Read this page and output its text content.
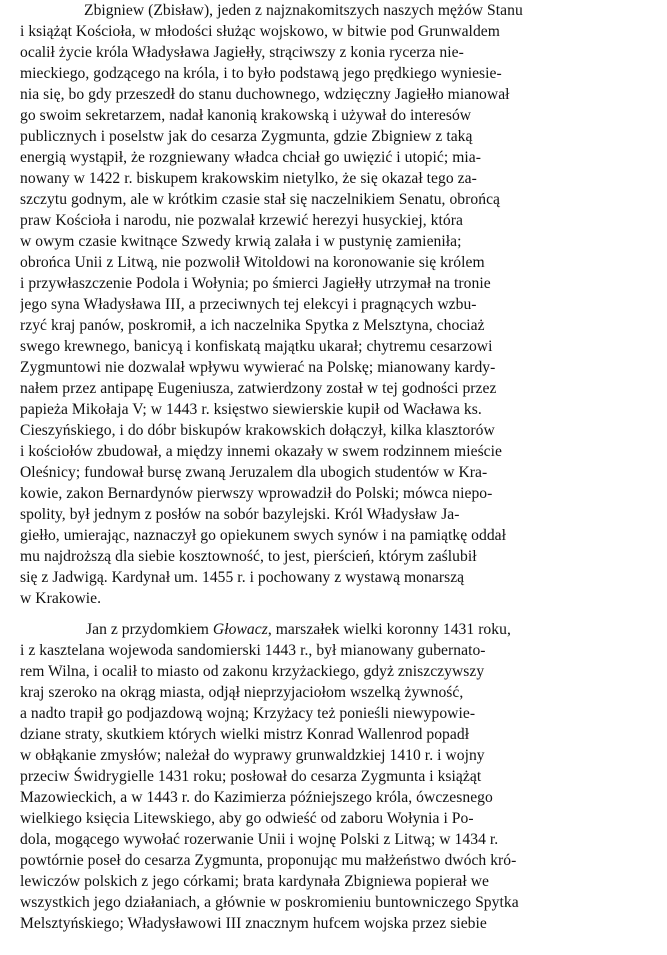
Zbigniew (Zbisław), jeden z najznakomitszych naszych mężów Stanu
i książąt Kościoła, w młodości służąc wojskowo, w bitwie pod Grunwaldem
ocalił życie króla Władysława Jagiełły, strąciwszy z konia rycerza nie-
mieckiego, godzącego na króla, i to było podstawą jego prędkiego wyniesie-
nia się, bo gdy przeszedł do stanu duchownego, wdzięczny Jagiełło mianował
go swoim sekretarzem, nadał kanonią krakowską i używał do interesów
publicznych i poselstw jak do cesarza Zygmunta, gdzie Zbigniew z taką
energią wystąpił, że rozgniewany władca chciał go uwięzić i utopić; mia-
nowany w 1422 r. biskupem krakowskim nietylko, że się okazał tego za-
szczytu godnym, ale w krótkim czasie stał się naczelnikiem Senatu, obrońcą
praw Kościoła i narodu, nie pozwalał krzewić herezyi husyckiej, która
w owym czasie kwitnące Szwedy krwią zalała i w pustynię zamieniła;
obrońca Unii z Litwą, nie pozwolił Witoldowi na koronowanie się królem
i przywłaszczenie Podola i Wołynia; po śmierci Jagiełły utrzymał na tronie
jego syna Władysława III, a przeciwnych tej elekcyi i pragnących wzbu-
rzyć kraj panów, poskromił, a ich naczelnika Spytka z Melsztyna, chociaż
swego krewnego, banicyą i konfiskatą majątku ukarał; chytremu cesarzowi
Zygmuntowi nie dozwalał wpływu wywierać na Polskę; mianowany kardy-
nałem przez antipapę Eugeniusza, zatwierdzony został w tej godności przez
papieża Mikołaja V; w 1443 r. księstwo siewierskie kupił od Wacława ks.
Cieszyńskiego, i do dóbr biskupów krakowskich dołączył, kilka klasztorów
i kościołów zbudował, a między innemi okazały w swem rodzinnem mieście
Oleśnicy; fundował bursę zwaną Jeruzalem dla ubogich studentów w Kra-
kowie, zakon Bernardynów pierwszy wprowadził do Polski; mówca niepo-
spolity, był jednym z posłów na sobór bazylejski. Król Władysław Ja-
giełło, umierając, naznaczył go opiekunem swych synów i na pamiątkę oddał
mu najdroższą dla siebie kosztowność, to jest, pierścień, którym zaślubił
się z Jadwigą. Kardynał um. 1455 r. i pochowany z wystawą monarszą
w Krakowie.
Jan z przydomkiem Głowacz, marszałek wielki koronny 1431 roku,
i z kasztelana wojewoda sandomierski 1443 r., był mianowany gubernato-
rem Wilna, i ocalił to miasto od zakonu krzyżackiego, gdyż zniszczywszy
kraj szeroko na okrąg miasta, odjął nieprzyjaciołom wszelką żywność,
a nadto trapił go podjazdową wojną; Krzyżacy też ponieśli niewypowie-
dziane straty, skutkiem których wielki mistrz Konrad Wallenrod popadł
w obłąkanie zmysłów; należał do wyprawy grunwaldzkiej 1410 r. i wojny
przeciw Świdrygielle 1431 roku; posłował do cesarza Zygmunta i książąt
Mazowieckich, a w 1443 r. do Kazimierza późniejszego króla, ówczesnego
wielkiego księcia Litewskiego, aby go odwieść od zaboru Wołynia i Po-
dola, mogącego wywołać rozerwanie Unii i wojnę Polski z Litwą; w 1434 r.
powtórnie poseł do cesarza Zygmunta, proponując mu małżeństwo dwóch kró-
lewiczów polskich z jego córkami; brata kardynała Zbigniewa popierał we
wszystkich jego działaniach, a głównie w poskromieniu buntowniczego Spytka
Melsztyńskiego; Władysławowi III znacznym hufcem wojska przez siebie
